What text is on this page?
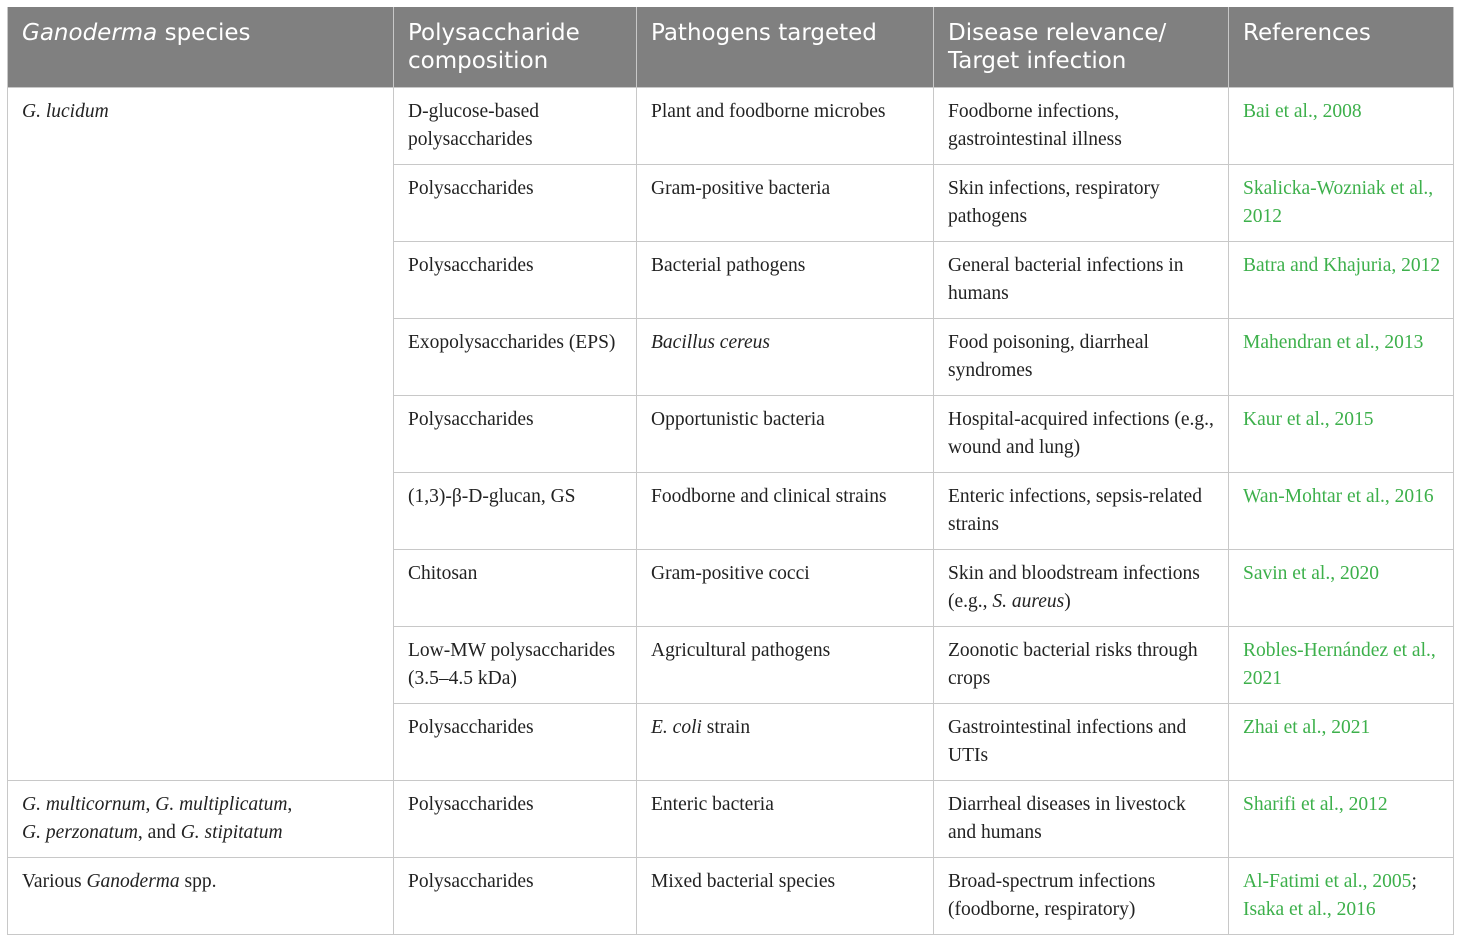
Ganoderma species	Polysaccharide composition	Pathogens targeted	Disease relevance/ Target infection	References
G. lucidum	D-glucose-based polysaccharides	Plant and foodborne microbes	Foodborne infections, gastrointestinal illness	Bai et al., 2008
	Polysaccharides	Gram-positive bacteria	Skin infections, respiratory pathogens	Skalicka-Wozniak et al., 2012
	Polysaccharides	Bacterial pathogens	General bacterial infections in humans	Batra and Khajuria, 2012
	Exopolysaccharides (EPS)	Bacillus cereus	Food poisoning, diarrheal syndromes	Mahendran et al., 2013
	Polysaccharides	Opportunistic bacteria	Hospital-acquired infections (e.g., wound and lung)	Kaur et al., 2015
	(1,3)-β-D-glucan, GS	Foodborne and clinical strains	Enteric infections, sepsis-related strains	Wan-Mohtar et al., 2016
	Chitosan	Gram-positive cocci	Skin and bloodstream infections (e.g., S. aureus)	Savin et al., 2020
	Low-MW polysaccharides (3.5–4.5 kDa)	Agricultural pathogens	Zoonotic bacterial risks through crops	Robles-Hernández et al., 2021
	Polysaccharides	E. coli strain	Gastrointestinal infections and UTIs	Zhai et al., 2021
G. multicornum, G. multiplicatum,
G. perzonatum, and G. stipitatum	Polysaccharides	Enteric bacteria	Diarrheal diseases in livestock and humans	Sharifi et al., 2012
Various Ganoderma spp.	Polysaccharides	Mixed bacterial species	Broad-spectrum infections (foodborne, respiratory)	Al-Fatimi et al., 2005;
Isaka et al., 2016
